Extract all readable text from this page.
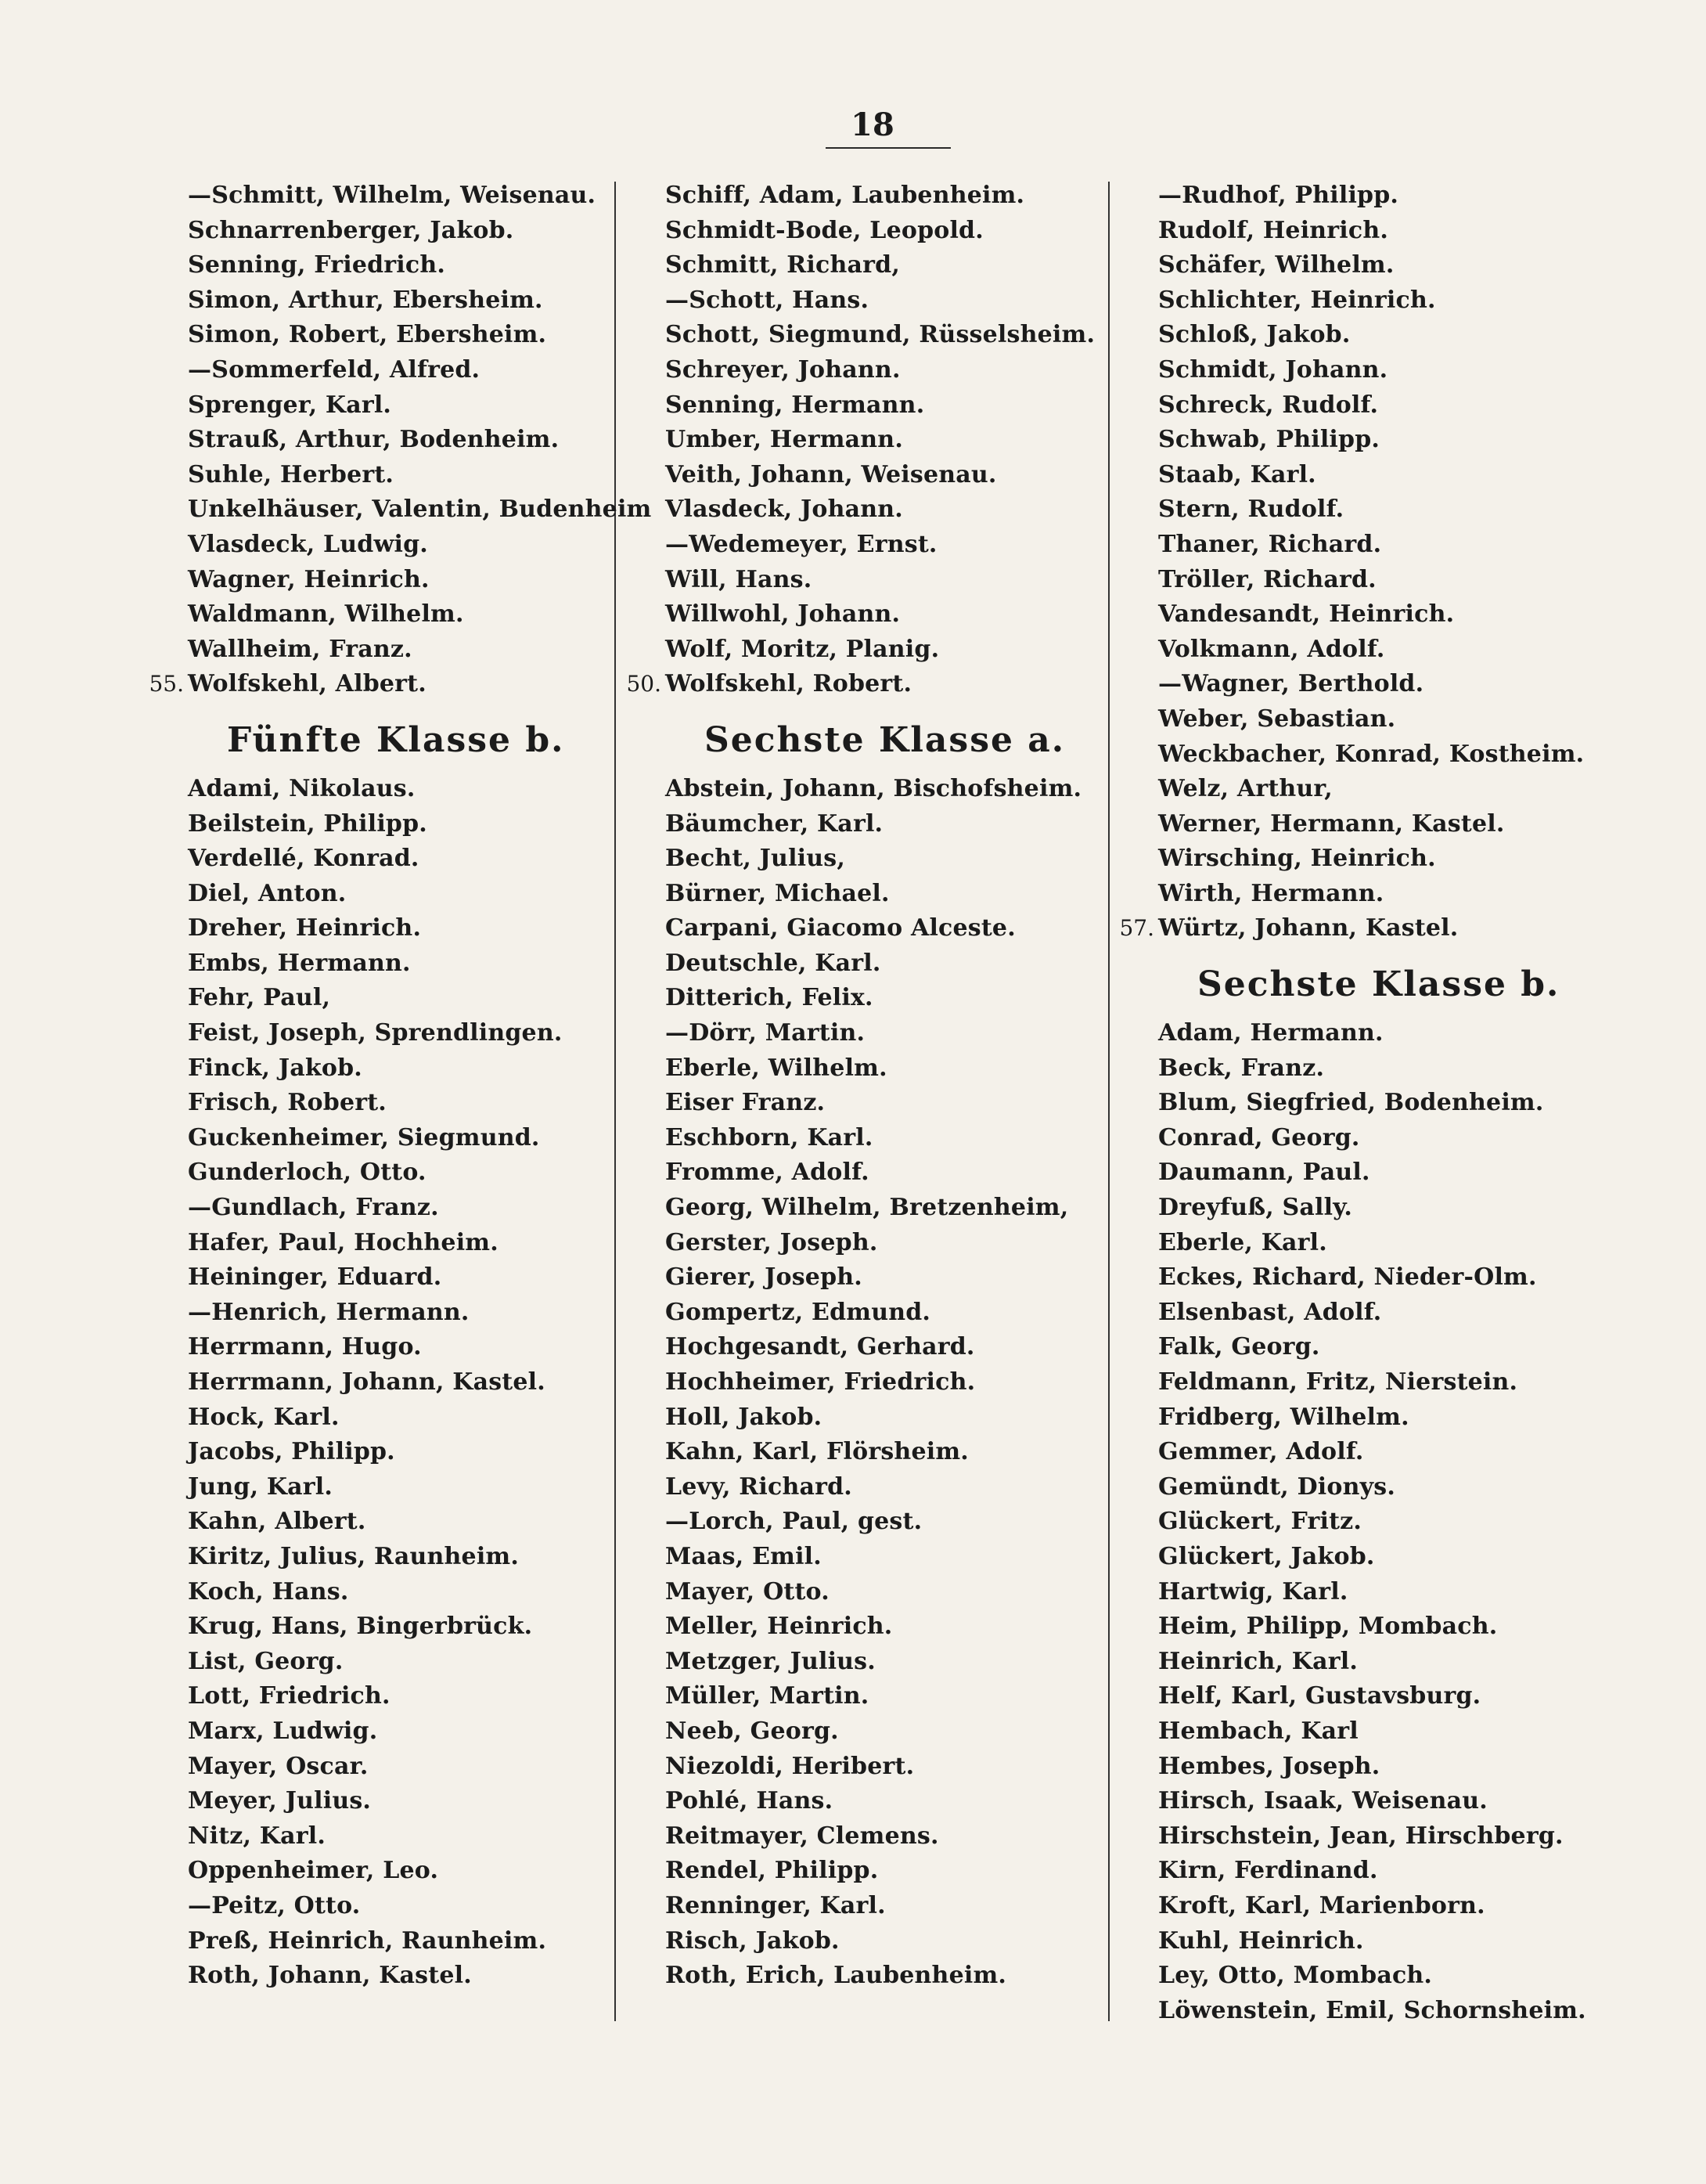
18
—Schmitt, Wilhelm, Weisenau.
Schnarrenberger, Jakob.
Senning, Friedrich.
Simon, Arthur, Ebersheim.
Simon, Robert, Ebersheim.
—Sommerfeld, Alfred.
Sprenger, Karl.
Strauß, Arthur, Bodenheim.
Suhle, Herbert.
Unkelhäuser, Valentin, Budenheim
Vlasdeck, Ludwig.
Wagner, Heinrich.
Waldmann, Wilhelm.
Wallheim, Franz.
55. Wolfskehl, Albert.
Fünfte Klasse b.
Adami, Nikolaus.
Beilstein, Philipp.
Verdellé, Konrad.
Diel, Anton.
Dreher, Heinrich.
Embs, Hermann.
Fehr, Paul,
Feist, Joseph, Sprendlingen.
Finck, Jakob.
Frisch, Robert.
Guckenheimer, Siegmund.
Gunderloch, Otto.
—Gundlach, Franz.
Hafer, Paul, Hochheim.
Heininger, Eduard.
—Henrich, Hermann.
Herrmann, Hugo.
Herrmann, Johann, Kastel.
Hock, Karl.
Jacobs, Philipp.
Jung, Karl.
Kahn, Albert.
Kiritz, Julius, Raunheim.
Koch, Hans.
Krug, Hans, Bingerbrück.
List, Georg.
Lott, Friedrich.
Marx, Ludwig.
Mayer, Oscar.
Meyer, Julius.
Nitz, Karl.
Oppenheimer, Leo.
—Peitz, Otto.
Preß, Heinrich, Raunheim.
Roth, Johann, Kastel.
Schiff, Adam, Laubenheim.
Schmidt-Bode, Leopold.
Schmitt, Richard,
—Schott, Hans.
Schott, Siegmund, Rüsselsheim.
Schreyer, Johann.
Senning, Hermann.
Umber, Hermann.
Veith, Johann, Weisenau.
Vlasdeck, Johann.
—Wedemeyer, Ernst.
Will, Hans.
Willwohl, Johann.
Wolf, Moritz, Planig.
50. Wolfskehl, Robert.
Sechste Klasse a.
Abstein, Johann, Bischofsheim.
Bäumcher, Karl.
Becht, Julius,
Bürner, Michael.
Carpani, Giacomo Alceste.
Deutschle, Karl.
Ditterich, Felix.
—Dörr, Martin.
Eberle, Wilhelm.
Eiser Franz.
Eschborn, Karl.
Fromme, Adolf.
Georg, Wilhelm, Bretzenheim,
Gerster, Joseph.
Gierer, Joseph.
Gompertz, Edmund.
Hochgesandt, Gerhard.
Hochheimer, Friedrich.
Holl, Jakob.
Kahn, Karl, Flörsheim.
Levy, Richard.
—Lorch, Paul, gest.
Maas, Emil.
Mayer, Otto.
Meller, Heinrich.
Metzger, Julius.
Müller, Martin.
Neeb, Georg.
Niezoldi, Heribert.
Pohlé, Hans.
Reitmayer, Clemens.
Rendel, Philipp.
Renninger, Karl.
Risch, Jakob.
Roth, Erich, Laubenheim.
—Rudhof, Philipp.
Rudolf, Heinrich.
Schäfer, Wilhelm.
Schlichter, Heinrich.
Schloß, Jakob.
Schmidt, Johann.
Schreck, Rudolf.
Schwab, Philipp.
Staab, Karl.
Stern, Rudolf.
Thaner, Richard.
Tröller, Richard.
Vandesandt, Heinrich.
Volkmann, Adolf.
—Wagner, Berthold.
Weber, Sebastian.
Weckbacher, Konrad, Kostheim.
Welz, Arthur,
Werner, Hermann, Kastel.
Wirsching, Heinrich.
Wirth, Hermann.
57. Würtz, Johann, Kastel.
Sechste Klasse b.
Adam, Hermann.
Beck, Franz.
Blum, Siegfried, Bodenheim.
Conrad, Georg.
Daumann, Paul.
Dreyfuß, Sally.
Eberle, Karl.
Eckes, Richard, Nieder-Olm.
Elsenbast, Adolf.
Falk, Georg.
Feldmann, Fritz, Nierstein.
Fridberg, Wilhelm.
Gemmer, Adolf.
Gemündt, Dionys.
Glückert, Fritz.
Glückert, Jakob.
Hartwig, Karl.
Heim, Philipp, Mombach.
Heinrich, Karl.
Helf, Karl, Gustavsburg.
Hembach, Karl
Hembes, Joseph.
Hirsch, Isaak, Weisenau.
Hirschstein, Jean, Hirschberg.
Kirn, Ferdinand.
Kroft, Karl, Marienborn.
Kuhl, Heinrich.
Ley, Otto, Mombach.
Löwenstein, Emil, Schornsheim.
